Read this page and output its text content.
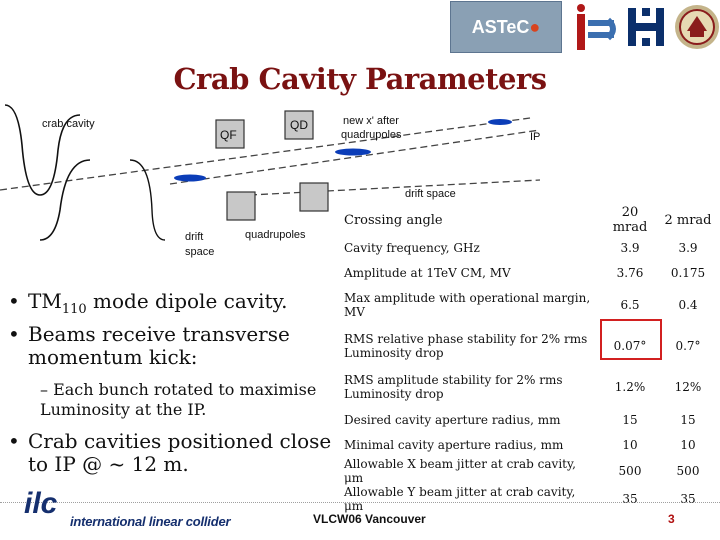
ASTeC ●
Crab Cavity Parameters
crab cavity
QF
QD	new x' after
quadrupoles	IP
drift space
drift
space
quadrupoles
• $TM_{110}$ mode dipole cavity.
• Beams receive transverse momentum kick:
– Each bunch rotated to maximise Luminosity at the IP.
• Crab cavities positioned close to IP @ ~ 12 m.
Crossing angle	20 mrad	2 mrad
Cavity frequency, GHz	3.9	3.9
Amplitude at 1TeV CM, MV	3.76	0.175
Max amplitude with operational margin, MV	6.5	0.4
RMS relative phase stability for 2% rms Luminosity drop	0.07°	0.7°
RMS amplitude stability for 2% rms Luminosity drop	1.2%	12%
Desired cavity aperture radius, mm	15	15
Minimal cavity aperture radius, mm	10	10
Allowable X beam jitter at crab cavity, μm	500	500
Allowable Y beam jitter at crab cavity, μm	35	35
ilc
international linear collider	VLCW06 Vancouver	3
